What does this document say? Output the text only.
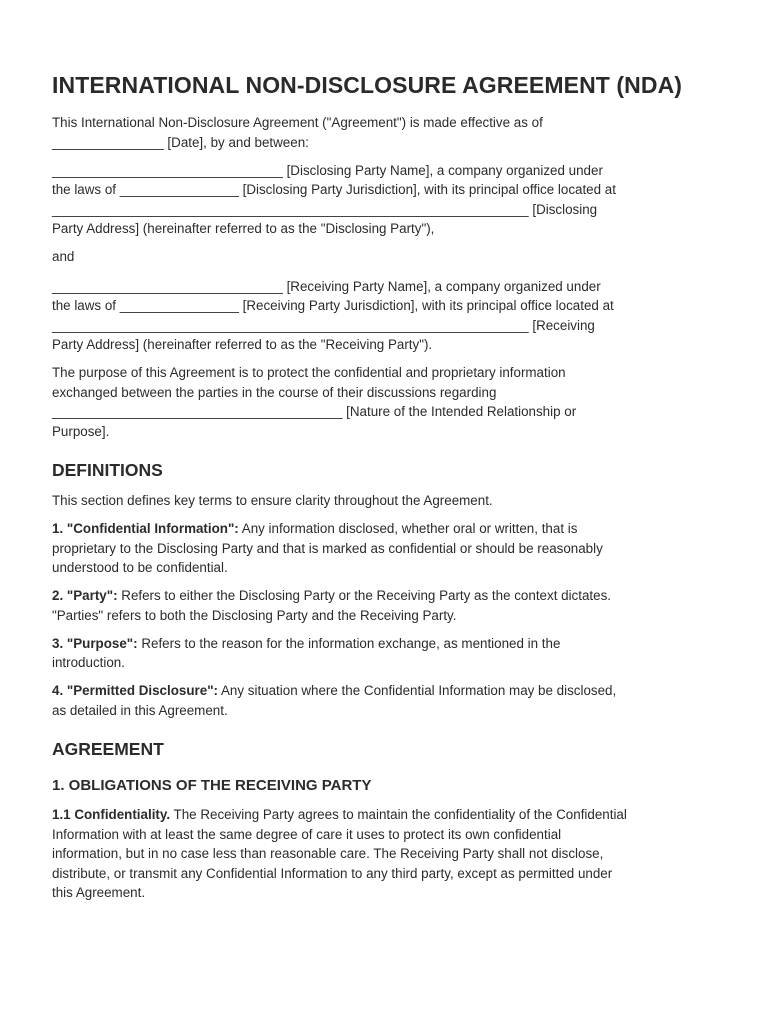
INTERNATIONAL NON-DISCLOSURE AGREEMENT (NDA)

This International Non-Disclosure Agreement ("Agreement") is made effective as of
_______________ [Date], by and between:

_______________________________ [Disclosing Party Name], a company organized under
the laws of ________________ [Disclosing Party Jurisdiction], with its principal office located at
________________________________________________________________ [Disclosing
Party Address] (hereinafter referred to as the "Disclosing Party"),

and

_______________________________ [Receiving Party Name], a company organized under
the laws of ________________ [Receiving Party Jurisdiction], with its principal office located at
________________________________________________________________ [Receiving
Party Address] (hereinafter referred to as the "Receiving Party").

The purpose of this Agreement is to protect the confidential and proprietary information
exchanged between the parties in the course of their discussions regarding
_______________________________________ [Nature of the Intended Relationship or
Purpose].

DEFINITIONS

This section defines key terms to ensure clarity throughout the Agreement.

1. "Confidential Information": Any information disclosed, whether oral or written, that is
proprietary to the Disclosing Party and that is marked as confidential or should be reasonably
understood to be confidential.

2. "Party": Refers to either the Disclosing Party or the Receiving Party as the context dictates.
"Parties" refers to both the Disclosing Party and the Receiving Party.

3. "Purpose": Refers to the reason for the information exchange, as mentioned in the
introduction.

4. "Permitted Disclosure": Any situation where the Confidential Information may be disclosed,
as detailed in this Agreement.

AGREEMENT
1. OBLIGATIONS OF THE RECEIVING PARTY

1.1 Confidentiality. The Receiving Party agrees to maintain the confidentiality of the Confidential
Information with at least the same degree of care it uses to protect its own confidential
information, but in no case less than reasonable care. The Receiving Party shall not disclose,
distribute, or transmit any Confidential Information to any third party, except as permitted under
this Agreement.
